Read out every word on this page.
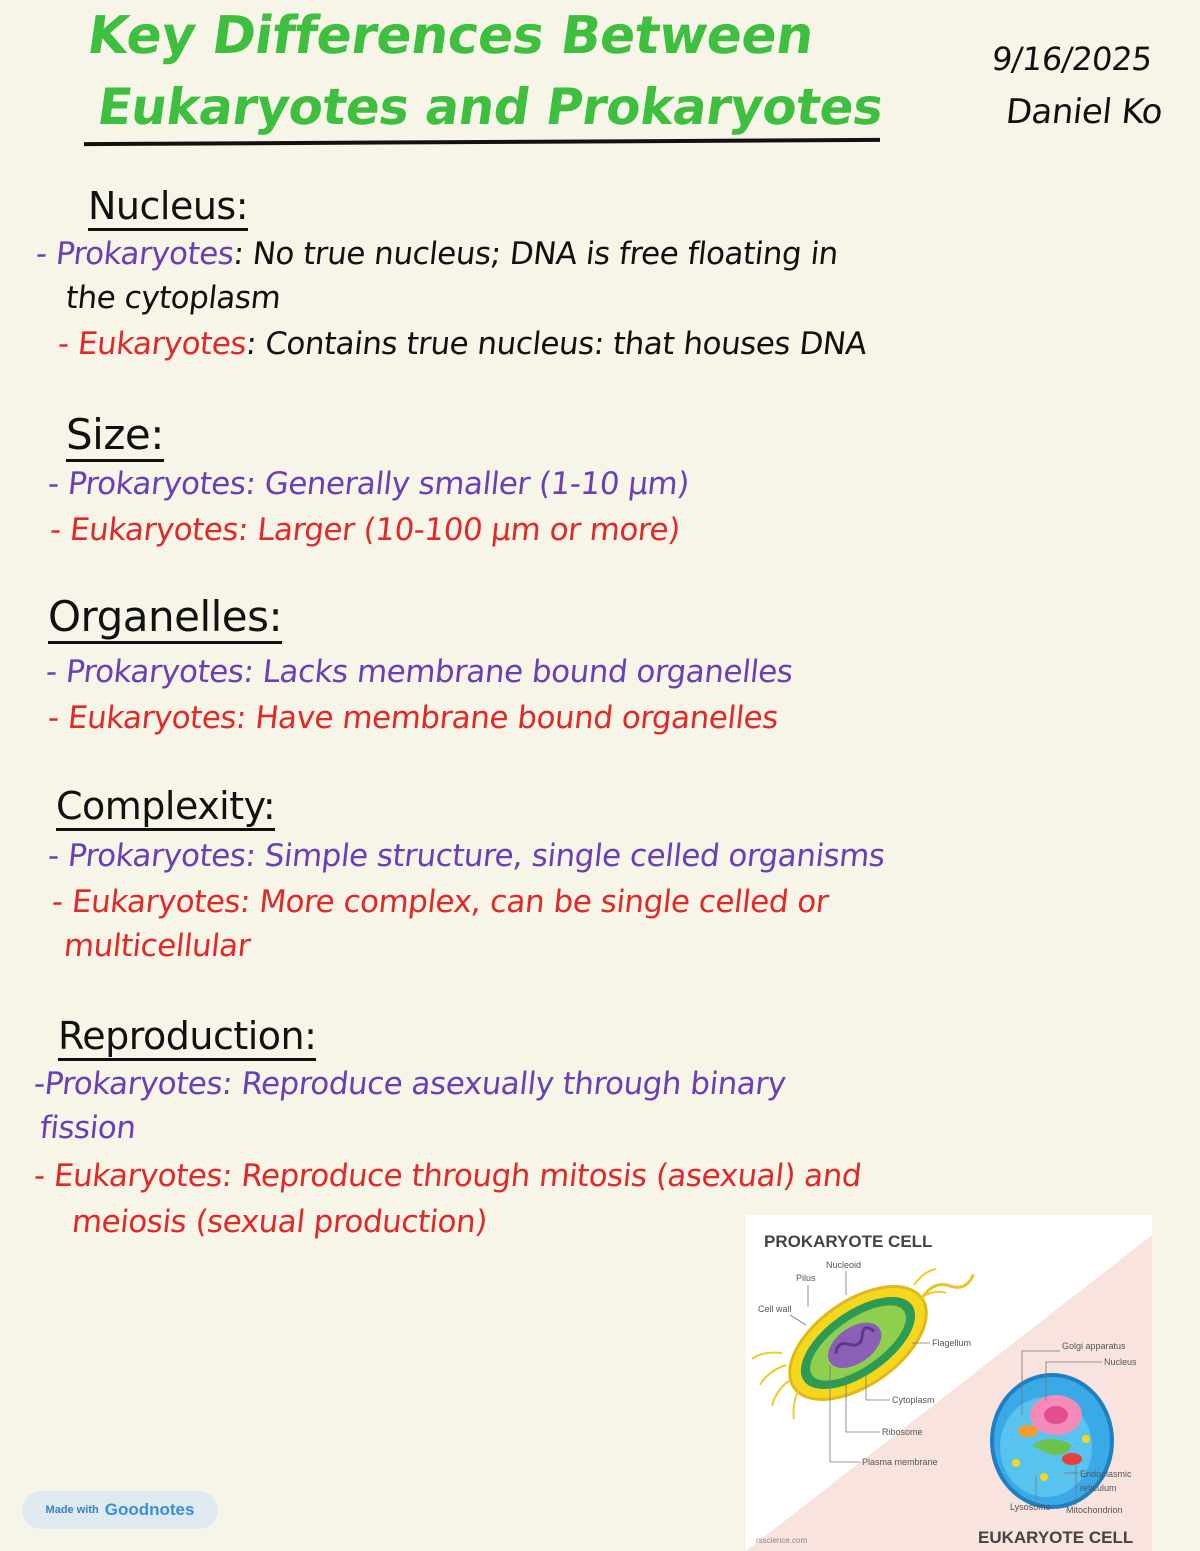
Key Differences Between
Eukaryotes and Prokaryotes
9/16/2025
Daniel Ko
Nucleus:
- Prokaryotes: No true nucleus; DNA is free floating in
the cytoplasm
- Eukaryotes: Contains true nucleus: that houses DNA
Size:
- Prokaryotes: Generally smaller (1-10 μm)
- Eukaryotes: Larger (10-100 μm or more)
Organelles:
- Prokaryotes: Lacks membrane bound organelles
- Eukaryotes: Have membrane bound organelles
Complexity:
- Prokaryotes: Simple structure, single celled organisms
- Eukaryotes: More complex, can be single celled or
multicellular
Reproduction:
-Prokaryotes: Reproduce asexually through binary
fission
- Eukaryotes: Reproduce through mitosis (asexual) and
meiosis (sexual production)
PROKARYOTE CELL
Nucleoid
Pilus
Cell wall
Flagellum
Cytoplasm
Ribosome
Plasma membrane
Golgi apparatus
Nucleus
Endoplasmic
reticulum
Lysosome Mitochondrion
rsscience.com	EUKARYOTE CELL
Made with Goodnotes
